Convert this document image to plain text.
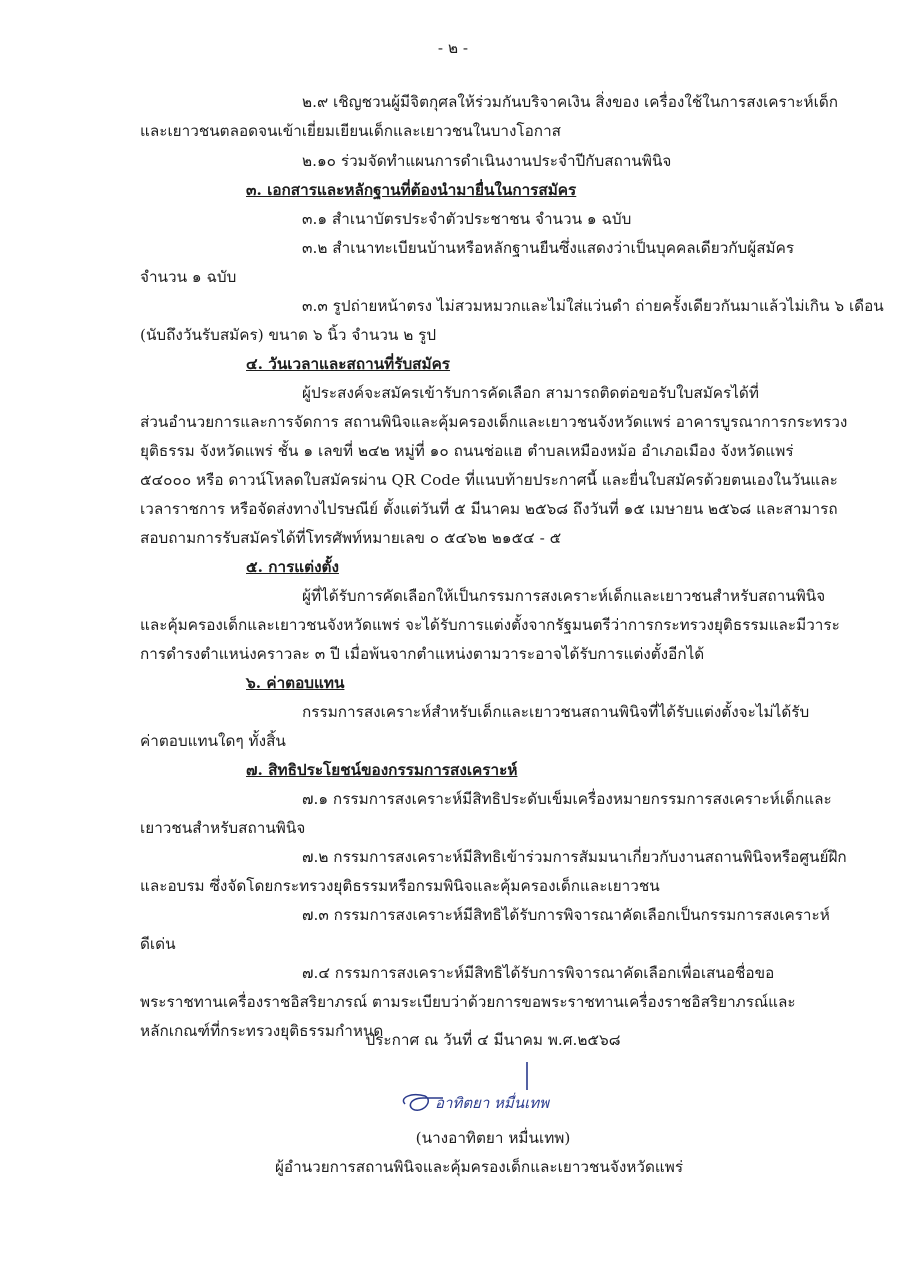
- ๒ -
๒.๙ เชิญชวนผู้มีจิตกุศลให้ร่วมกันบริจาคเงิน สิ่งของ เครื่องใช้ในการสงเคราะห์เด็ก
และเยาวชนตลอดจนเข้าเยี่ยมเยียนเด็กและเยาวชนในบางโอกาส
๒.๑๐ ร่วมจัดทำแผนการดำเนินงานประจำปีกับสถานพินิจ
๓. เอกสารและหลักฐานที่ต้องนำมายื่นในการสมัคร
๓.๑ สำเนาบัตรประจำตัวประชาชน จำนวน ๑ ฉบับ
๓.๒ สำเนาทะเบียนบ้านหรือหลักฐานยืนซึ่งแสดงว่าเป็นบุคคลเดียวกับผู้สมัคร
จำนวน ๑ ฉบับ
๓.๓ รูปถ่ายหน้าตรง ไม่สวมหมวกและไม่ใส่แว่นดำ ถ่ายครั้งเดียวกันมาแล้วไม่เกิน ๖ เดือน
(นับถึงวันรับสมัคร) ขนาด ๖ นิ้ว จำนวน ๒ รูป
๔. วันเวลาและสถานที่รับสมัคร
ผู้ประสงค์จะสมัครเข้ารับการคัดเลือก สามารถติดต่อขอรับใบสมัครได้ที่
ส่วนอำนวยการและการจัดการ สถานพินิจและคุ้มครองเด็กและเยาวชนจังหวัดแพร่ อาคารบูรณาการกระทรวง
ยุติธรรม จังหวัดแพร่ ชั้น ๑ เลขที่ ๒๔๒ หมู่ที่ ๑๐ ถนนช่อแฮ ตำบลเหมืองหม้อ อำเภอเมือง จังหวัดแพร่
๕๔๐๐๐ หรือ ดาวน์โหลดใบสมัครผ่าน QR Code ที่แนบท้ายประกาศนี้ และยื่นใบสมัครด้วยตนเองในวันและ
เวลาราชการ หรือจัดส่งทางไปรษณีย์ ตั้งแต่วันที่ ๕ มีนาคม ๒๕๖๘ ถึงวันที่ ๑๕ เมษายน ๒๕๖๘ และสามารถ
สอบถามการรับสมัครได้ที่โทรศัพท์หมายเลข ๐ ๕๔๖๒ ๒๑๕๔ - ๕
๕. การแต่งตั้ง
ผู้ที่ได้รับการคัดเลือกให้เป็นกรรมการสงเคราะห์เด็กและเยาวชนสำหรับสถานพินิจ
และคุ้มครองเด็กและเยาวชนจังหวัดแพร่ จะได้รับการแต่งตั้งจากรัฐมนตรีว่าการกระทรวงยุติธรรมและมีวาระ
การดำรงตำแหน่งคราวละ ๓ ปี เมื่อพ้นจากตำแหน่งตามวาระอาจได้รับการแต่งตั้งอีกได้
๖. ค่าตอบแทน
กรรมการสงเคราะห์สำหรับเด็กและเยาวชนสถานพินิจที่ได้รับแต่งตั้งจะไม่ได้รับ
ค่าตอบแทนใดๆ ทั้งสิ้น
๗. สิทธิประโยชน์ของกรรมการสงเคราะห์
๗.๑ กรรมการสงเคราะห์มีสิทธิประดับเข็มเครื่องหมายกรรมการสงเคราะห์เด็กและ
เยาวชนสำหรับสถานพินิจ
๗.๒ กรรมการสงเคราะห์มีสิทธิเข้าร่วมการสัมมนาเกี่ยวกับงานสถานพินิจหรือศูนย์ฝึก
และอบรม ซึ่งจัดโดยกระทรวงยุติธรรมหรือกรมพินิจและคุ้มครองเด็กและเยาวชน
๗.๓ กรรมการสงเคราะห์มีสิทธิได้รับการพิจารณาคัดเลือกเป็นกรรมการสงเคราะห์
ดีเด่น
๗.๔ กรรมการสงเคราะห์มีสิทธิได้รับการพิจารณาคัดเลือกเพื่อเสนอชื่อขอ
พระราชทานเครื่องราชอิสริยาภรณ์ ตามระเบียบว่าด้วยการขอพระราชทานเครื่องราชอิสริยาภรณ์และ
หลักเกณฑ์ที่กระทรวงยุติธรรมกำหนด
ประกาศ ณ วันที่ ๔ มีนาคม พ.ศ.๒๕๖๘
อาทิตยา หมื่นเทพ
(นางอาทิตยา หมื่นเทพ)
ผู้อำนวยการสถานพินิจและคุ้มครองเด็กและเยาวชนจังหวัดแพร่
